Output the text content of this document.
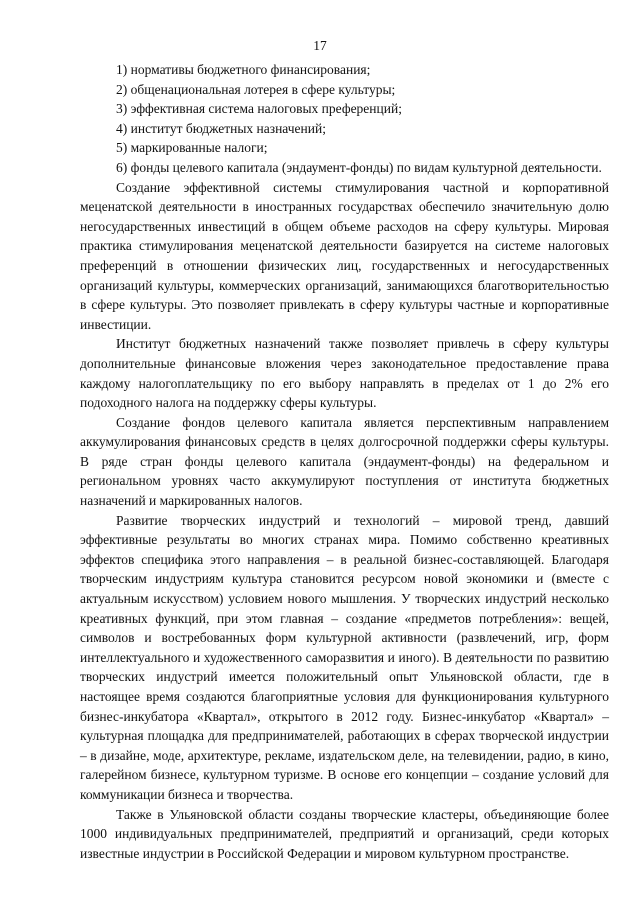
17

1) нормативы бюджетного финансирования;

2) общенациональная лотерея в сфере культуры;

3) эффективная система налоговых преференций;

4) институт бюджетных назначений;

5) маркированные налоги;

6) фонды целевого капитала (эндаумент-фонды) по видам культурной деятельности.

Создание эффективной системы стимулирования частной и корпоративной меценатской деятельности в иностранных государствах обеспечило значительную долю негосударственных инвестиций в общем объеме расходов на сферу культуры. Мировая практика стимулирования меценатской деятельности базируется на системе налоговых преференций в отношении физических лиц, государственных и негосударственных организаций культуры, коммерческих организаций, занимающихся благотворительностью в сфере культуры. Это позволяет привлекать в сферу культуры частные и корпоративные инвестиции.

Институт бюджетных назначений также позволяет привлечь в сферу культуры дополнительные финансовые вложения через законодательное предоставление права каждому налогоплательщику по его выбору направлять в пределах от 1 до 2% его подоходного налога на поддержку сферы культуры.

Создание фондов целевого капитала является перспективным направлением аккумулирования финансовых средств в целях долгосрочной поддержки сферы культуры. В ряде стран фонды целевого капитала (эндаумент-фонды) на федеральном и региональном уровнях часто аккумулируют поступления от института бюджетных назначений и маркированных налогов.

Развитие творческих индустрий и технологий – мировой тренд, давший эффективные результаты во многих странах мира. Помимо собственно креативных эффектов специфика этого направления – в реальной бизнес-составляющей. Благодаря творческим индустриям культура становится ресурсом новой экономики и (вместе с актуальным искусством) условием нового мышления. У творческих индустрий несколько креативных функций, при этом главная – создание «предметов потребления»: вещей, символов и востребованных форм культурной активности (развлечений, игр, форм интеллектуального и художественного саморазвития и иного). В деятельности по развитию творческих индустрий имеется положительный опыт Ульяновской области, где в настоящее время создаются благоприятные условия для функционирования культурного бизнес-инкубатора «Квартал», открытого в 2012 году. Бизнес-инкубатор «Квартал» – культурная площадка для предпринимателей, работающих в сферах творческой индустрии – в дизайне, моде, архитектуре, рекламе, издательском деле, на телевидении, радио, в кино, галерейном бизнесе, культурном туризме. В основе его концепции – создание условий для коммуникации бизнеса и творчества.

Также в Ульяновской области созданы творческие кластеры, объединяющие более 1000 индивидуальных предпринимателей, предприятий и организаций, среди которых известные индустрии в Российской Федерации и мировом культурном пространстве.
